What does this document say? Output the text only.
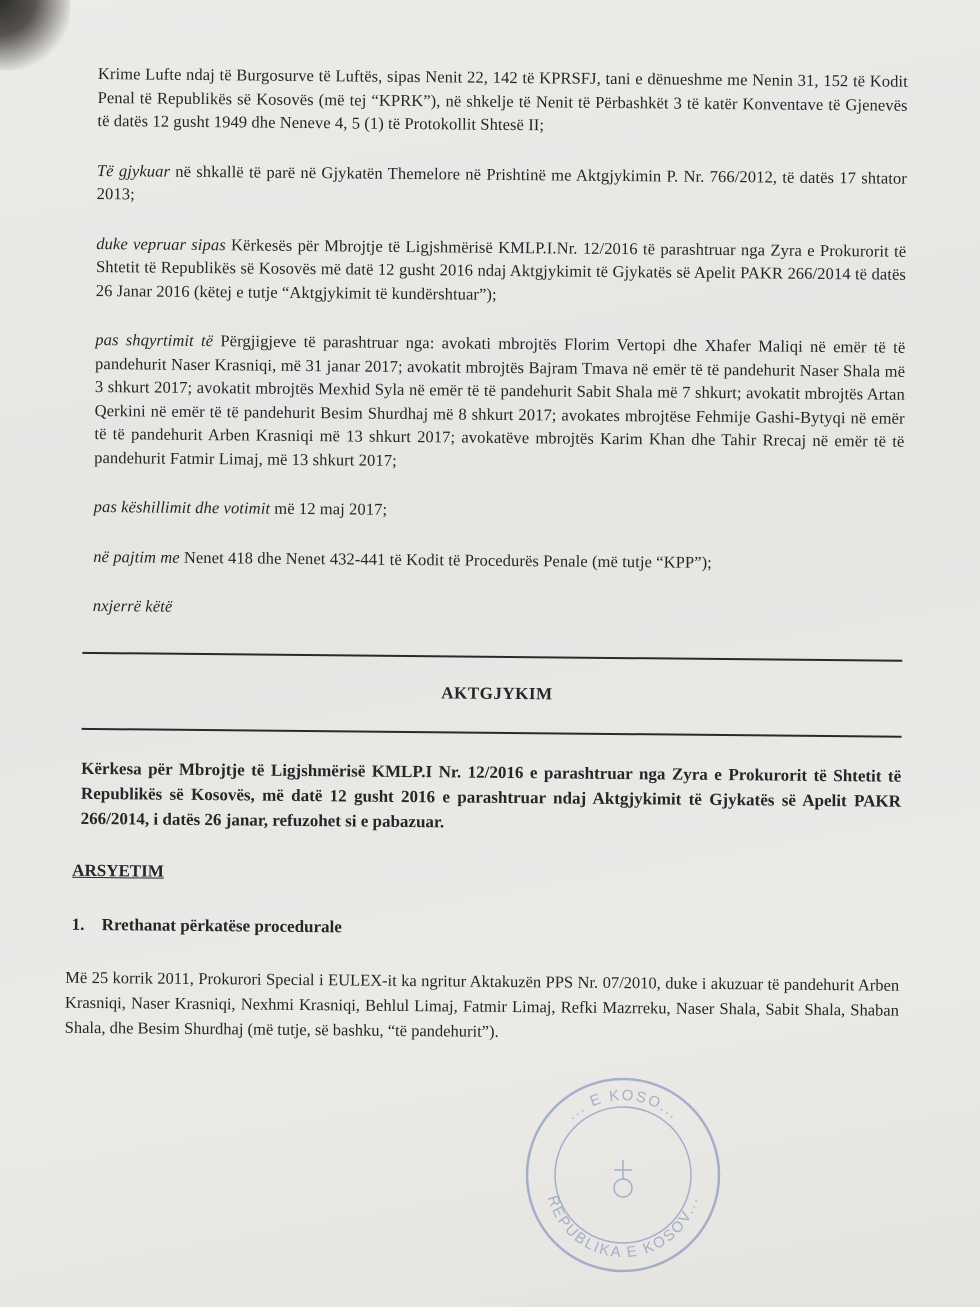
Krime Lufte ndaj të Burgosurve të Luftës, sipas Nenit 22, 142 të KPRSFJ, tani e dënueshme me Nenin 31, 152 të Kodit Penal të Republikës së Kosovës (më tej “KPRK”), në shkelje të Nenit të Përbashkët 3 të katër Konventave të Gjenevës të datës 12 gusht 1949 dhe Neneve 4, 5 (1) të Protokollit Shtesë II;

Të gjykuar në shkallë të parë në Gjykatën Themelore në Prishtinë me Aktgjykimin P. Nr. 766/2012, të datës 17 shtator 2013;

duke vepruar sipas Kërkesës për Mbrojtje të Ligjshmërisë KMLP.I.Nr. 12/2016 të parashtruar nga Zyra e Prokurorit të Shtetit të Republikës së Kosovës më datë 12 gusht 2016 ndaj Aktgjykimit të Gjykatës së Apelit PAKR 266/2014 të datës 26 Janar 2016 (këtej e tutje “Aktgjykimit të kundërshtuar”);

pas shqyrtimit të Përgjigjeve të parashtruar nga: avokati mbrojtës Florim Vertopi dhe Xhafer Maliqi në emër të të pandehurit Naser Krasniqi, më 31 janar 2017; avokatit mbrojtës Bajram Tmava në emër të të pandehurit Naser Shala më 3 shkurt 2017; avokatit mbrojtës Mexhid Syla në emër të të pandehurit Sabit Shala më 7 shkurt; avokatit mbrojtës Artan Qerkini në emër të të pandehurit Besim Shurdhaj më 8 shkurt 2017; avokates mbrojtëse Fehmije Gashi-Bytyqi në emër të të pandehurit Arben Krasniqi më 13 shkurt 2017; avokatëve mbrojtës Karim Khan dhe Tahir Rrecaj në emër të të pandehurit Fatmir Limaj, më 13 shkurt 2017;

pas këshillimit dhe votimit më 12 maj 2017;

në pajtim me Nenet 418 dhe Nenet 432-441 të Kodit të Procedurës Penale (më tutje “KPP”);

nxjerrë këtë

AKTGJYKIM

Kërkesa për Mbrojtje të Ligjshmërisë KMLP.I Nr. 12/2016 e parashtruar nga Zyra e Prokurorit të Shtetit të Republikës së Kosovës, më datë 12 gusht 2016 e parashtruar ndaj Aktgjykimit të Gjykatës së Apelit PAKR 266/2014, i datës 26 janar, refuzohet si e pabazuar.

ARSYETIM
1. Rrethanat përkatëse procedurale

Më 25 korrik 2011, Prokurori Special i EULEX-it ka ngritur Aktakuzën PPS Nr. 07/2010, duke i akuzuar të pandehurit Arben Krasniqi, Naser Krasniqi, Nexhmi Krasniqi, Behlul Limaj, Fatmir Limaj, Refki Mazrreku, Naser Shala, Sabit Shala, Shaban Shala, dhe Besim Shurdhaj (më tutje, së bashku, “të pandehurit”).

... E KOSO...
REPUBLIKA E KOSOV...
